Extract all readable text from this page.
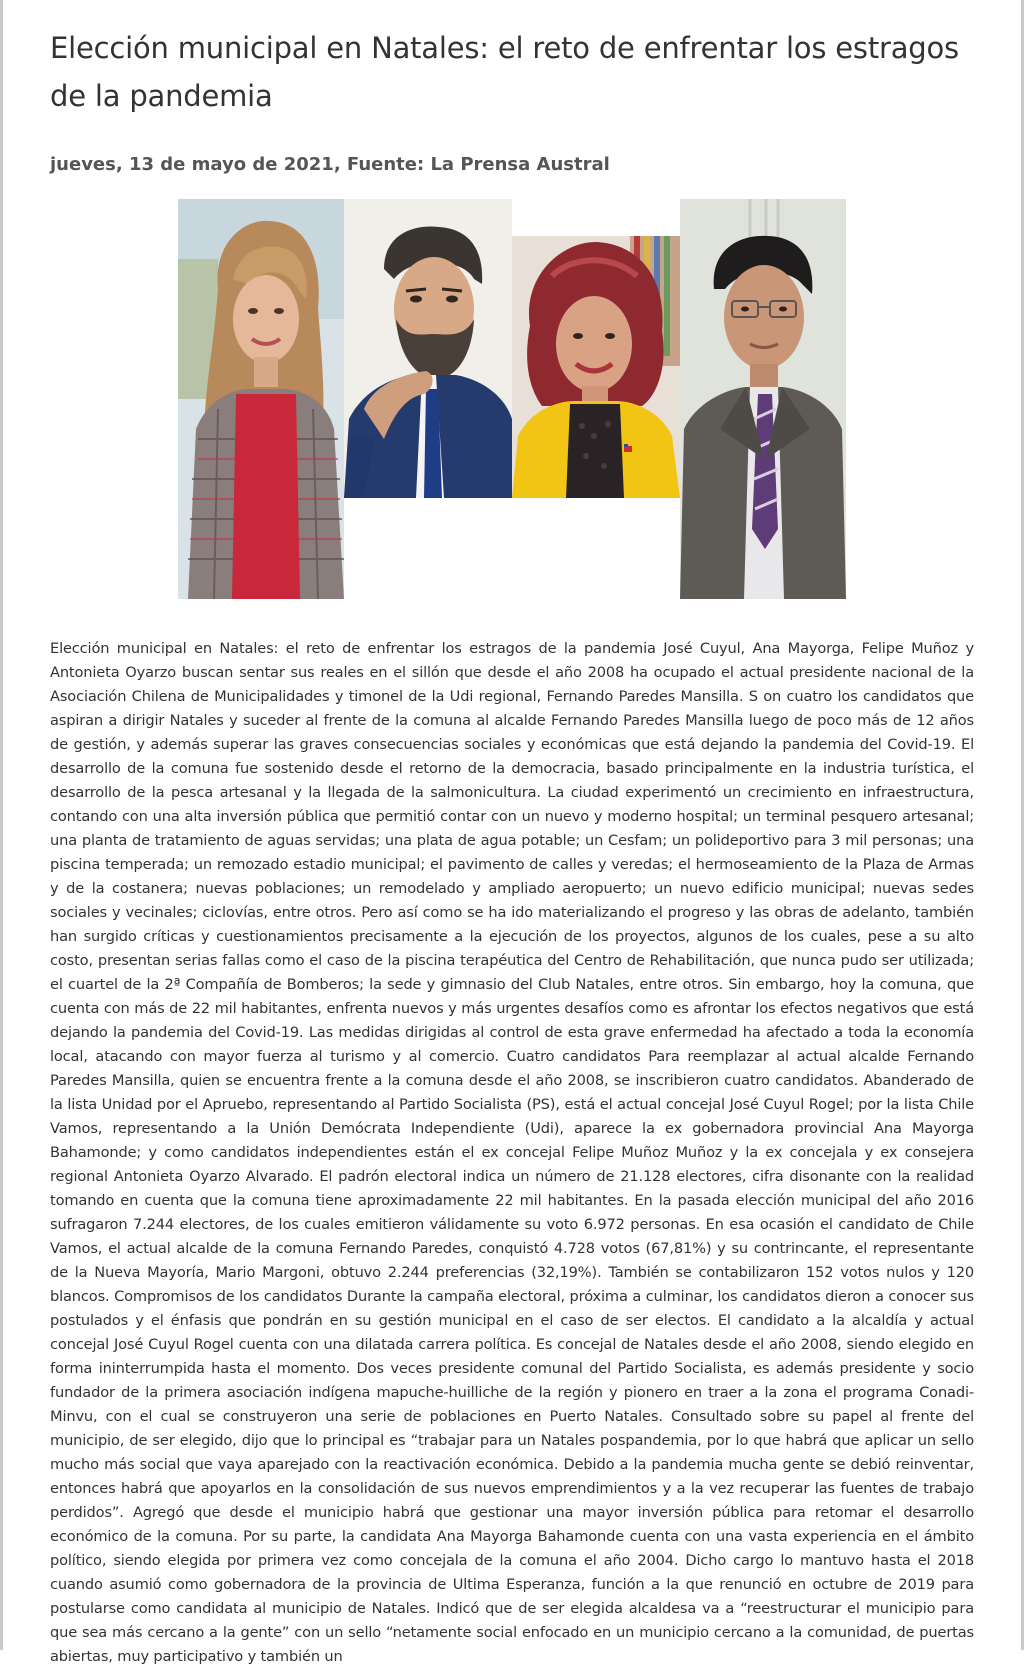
Elección municipal en Natales: el reto de enfrentar los estragos de la pandemia
jueves, 13 de mayo de 2021, Fuente: La Prensa Austral

Elección municipal en Natales: el reto de enfrentar los estragos de la pandemia José Cuyul, Ana Mayorga, Felipe Muñoz y Antonieta Oyarzo buscan sentar sus reales en el sillón que desde el año 2008 ha ocupado el actual presidente nacional de la Asociación Chilena de Municipalidades y timonel de la Udi regional, Fernando Paredes Mansilla. S on cuatro los candidatos que aspiran a dirigir Natales y suceder al frente de la comuna al alcalde Fernando Paredes Mansilla luego de poco más de 12 años de gestión, y además superar las graves consecuencias sociales y económicas que está dejando la pandemia del Covid-19. El desarrollo de la comuna fue sostenido desde el retorno de la democracia, basado principalmente en la industria turística, el desarrollo de la pesca artesanal y la llegada de la salmonicultura. La ciudad experimentó un crecimiento en infraestructura, contando con una alta inversión pública que permitió contar con un nuevo y moderno hospital; un terminal pesquero artesanal; una planta de tratamiento de aguas servidas; una plata de agua potable; un Cesfam; un polideportivo para 3 mil personas; una piscina temperada; un remozado estadio municipal; el pavimento de calles y veredas; el hermoseamiento de la Plaza de Armas y de la costanera; nuevas poblaciones; un remodelado y ampliado aeropuerto; un nuevo edificio municipal; nuevas sedes sociales y vecinales; ciclovías, entre otros. Pero así como se ha ido materializando el progreso y las obras de adelanto, también han surgido críticas y cuestionamientos precisamente a la ejecución de los proyectos, algunos de los cuales, pese a su alto costo, presentan serias fallas como el caso de la piscina terapéutica del Centro de Rehabilitación, que nunca pudo ser utilizada; el cuartel de la 2ª Compañía de Bomberos; la sede y gimnasio del Club Natales, entre otros. Sin embargo, hoy la comuna, que cuenta con más de 22 mil habitantes, enfrenta nuevos y más urgentes desafíos como es afrontar los efectos negativos que está dejando la pandemia del Covid-19. Las medidas dirigidas al control de esta grave enfermedad ha afectado a toda la economía local, atacando con mayor fuerza al turismo y al comercio. Cuatro candidatos Para reemplazar al actual alcalde Fernando Paredes Mansilla, quien se encuentra frente a la comuna desde el año 2008, se inscribieron cuatro candidatos. Abanderado de la lista Unidad por el Apruebo, representando al Partido Socialista (PS), está el actual concejal José Cuyul Rogel; por la lista Chile Vamos, representando a la Unión Demócrata Independiente (Udi), aparece la ex gobernadora provincial Ana Mayorga Bahamonde; y como candidatos independientes están el ex concejal Felipe Muñoz Muñoz y la ex concejala y ex consejera regional Antonieta Oyarzo Alvarado. El padrón electoral indica un número de 21.128 electores, cifra disonante con la realidad tomando en cuenta que la comuna tiene aproximadamente 22 mil habitantes. En la pasada elección municipal del año 2016 sufragaron 7.244 electores, de los cuales emitieron válidamente su voto 6.972 personas. En esa ocasión el candidato de Chile Vamos, el actual alcalde de la comuna Fernando Paredes, conquistó 4.728 votos (67,81%) y su contrincante, el representante de la Nueva Mayoría, Mario Margoni, obtuvo 2.244 preferencias (32,19%). También se contabilizaron 152 votos nulos y 120 blancos. Compromisos de los candidatos Durante la campaña electoral, próxima a culminar, los candidatos dieron a conocer sus postulados y el énfasis que pondrán en su gestión municipal en el caso de ser electos. El candidato a la alcaldía y actual concejal José Cuyul Rogel cuenta con una dilatada carrera política. Es concejal de Natales desde el año 2008, siendo elegido en forma ininterrumpida hasta el momento. Dos veces presidente comunal del Partido Socialista, es además presidente y socio fundador de la primera asociación indígena mapuche-huilliche de la región y pionero en traer a la zona el programa Conadi-Minvu, con el cual se construyeron una serie de poblaciones en Puerto Natales. Consultado sobre su papel al frente del municipio, de ser elegido, dijo que lo principal es “trabajar para un Natales pospandemia, por lo que habrá que aplicar un sello mucho más social que vaya aparejado con la reactivación económica. Debido a la pandemia mucha gente se debió reinventar, entonces habrá que apoyarlos en la consolidación de sus nuevos emprendimientos y a la vez recuperar las fuentes de trabajo perdidos”. Agregó que desde el municipio habrá que gestionar una mayor inversión pública para retomar el desarrollo económico de la comuna. Por su parte, la candidata Ana Mayorga Bahamonde cuenta con una vasta experiencia en el ámbito político, siendo elegida por primera vez como concejala de la comuna el año 2004. Dicho cargo lo mantuvo hasta el 2018 cuando asumió como gobernadora de la provincia de Ultima Esperanza, función a la que renunció en octubre de 2019 para postularse como candidata al municipio de Natales. Indicó que de ser elegida alcaldesa va a “reestructurar el municipio para que sea más cercano a la gente” con un sello “netamente social enfocado en un municipio cercano a la comunidad, de puertas abiertas, muy participativo y también un
